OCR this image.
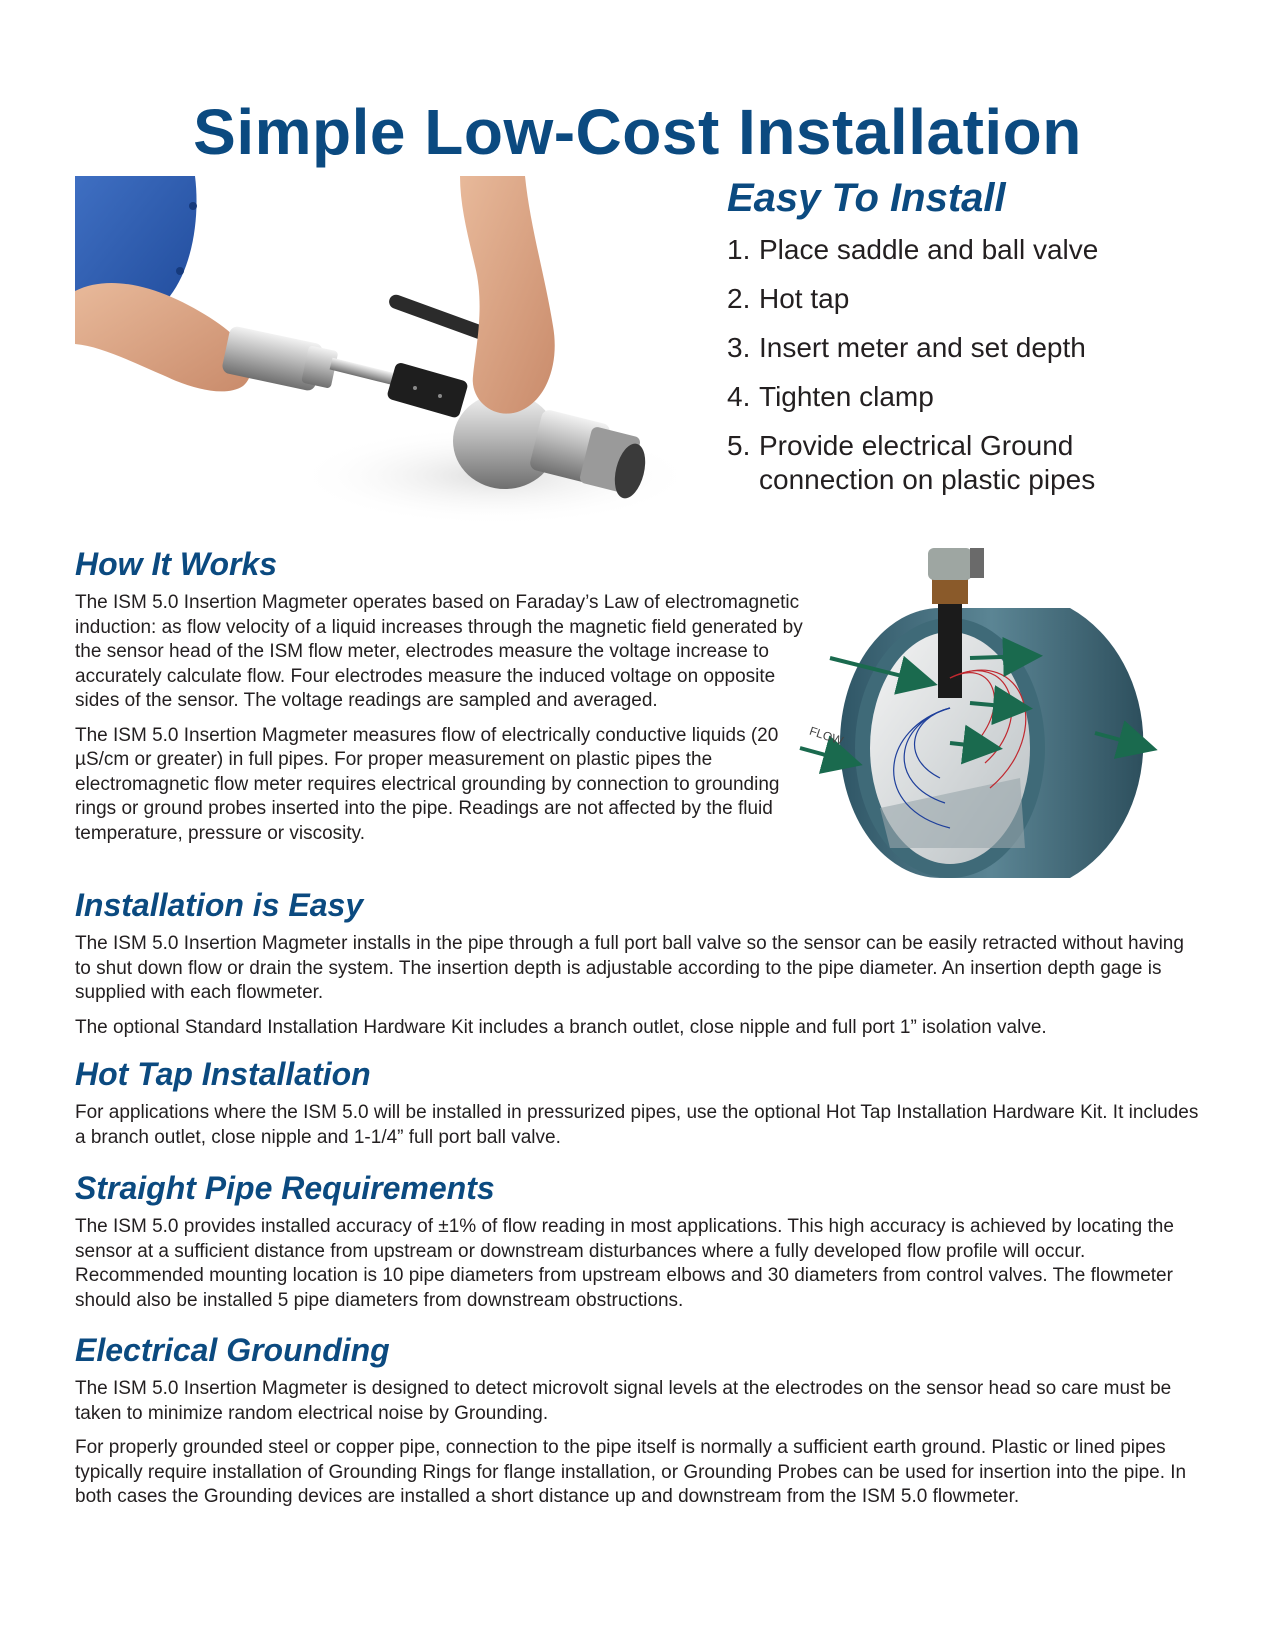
Simple Low-Cost Installation
Easy To Install
1. Place saddle and ball valve
2. Hot tap
3. Insert meter and set depth
4. Tighten clamp
5. Provide electrical Ground connection on plastic pipes
How It Works

The ISM 5.0 Insertion Magmeter operates based on Faraday’s Law of electromagnetic induction: as flow velocity of a liquid increases through the magnetic field generated by the sensor head of the ISM flow meter, electrodes measure the voltage increase to accurately calculate flow. Four electrodes measure the induced voltage on opposite sides of the sensor. The voltage readings are sampled and averaged.

The ISM 5.0 Insertion Magmeter measures flow of electrically conductive liquids (20 µS/cm or greater) in full pipes. For proper measurement on plastic pipes the electromagnetic flow meter requires electrical grounding by connection to grounding rings or ground probes inserted into the pipe. Readings are not affected by the fluid temperature, pressure or viscosity.

FLOW
Installation is Easy

The ISM 5.0 Insertion Magmeter installs in the pipe through a full port ball valve so the sensor can be easily retracted without having to shut down flow or drain the system. The insertion depth is adjustable according to the pipe diameter. An insertion depth gage is supplied with each flowmeter.

The optional Standard Installation Hardware Kit includes a branch outlet, close nipple and full port 1” isolation valve.

Hot Tap Installation

For applications where the ISM 5.0 will be installed in pressurized pipes, use the optional Hot Tap Installation Hardware Kit. It includes a branch outlet, close nipple and 1-1/4” full port ball valve.

Straight Pipe Requirements

The ISM 5.0 provides installed accuracy of ±1% of flow reading in most applications. This high accuracy is achieved by locating the sensor at a sufficient distance from upstream or downstream disturbances where a fully developed flow profile will occur. Recommended mounting location is 10 pipe diameters from upstream elbows and 30 diameters from control valves. The flowmeter should also be installed 5 pipe diameters from downstream obstructions.

Electrical Grounding

The ISM 5.0 Insertion Magmeter is designed to detect microvolt signal levels at the electrodes on the sensor head so care must be taken to minimize random electrical noise by Grounding.

For properly grounded steel or copper pipe, connection to the pipe itself is normally a sufficient earth ground. Plastic or lined pipes typically require installation of Grounding Rings for flange installation, or Grounding Probes can be used for insertion into the pipe. In both cases the Grounding devices are installed a short distance up and downstream from the ISM 5.0 flowmeter.
